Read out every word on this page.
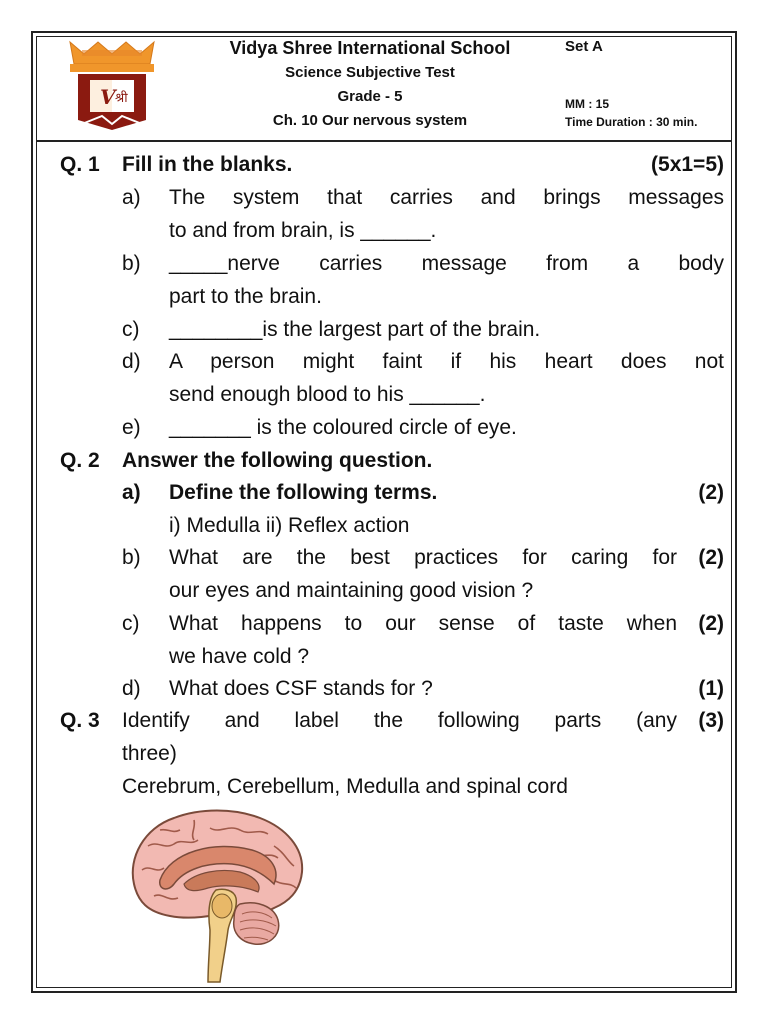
V श्री
Vidya Shree International School
Science Subjective Test
Grade - 5
Ch. 10 Our nervous system
Set A
MM : 15
Time Duration : 30 min.
Q. 1 Fill in the blanks.	(5x1=5)
a) The system that carries and brings messages
to and from brain, is ______.
b) _____nerve carries message from a body
part to the brain.
c) ________is the largest part of the brain.
d) A person might faint if his heart does not
send enough blood to his ______.
e) _______ is the coloured circle of eye.
Q. 2 Answer the following question.
a) Define the following terms.	(2)
i) Medulla ii) Reflex action
b) What are the best practices for caring for (2)
our eyes and maintaining good vision ?
c) What happens to our sense of taste when (2)
we have cold ?
d) What does CSF stands for ?	(1)
Q. 3 Identify and label the following parts (any (3)
three)
Cerebrum, Cerebellum, Medulla and spinal cord
